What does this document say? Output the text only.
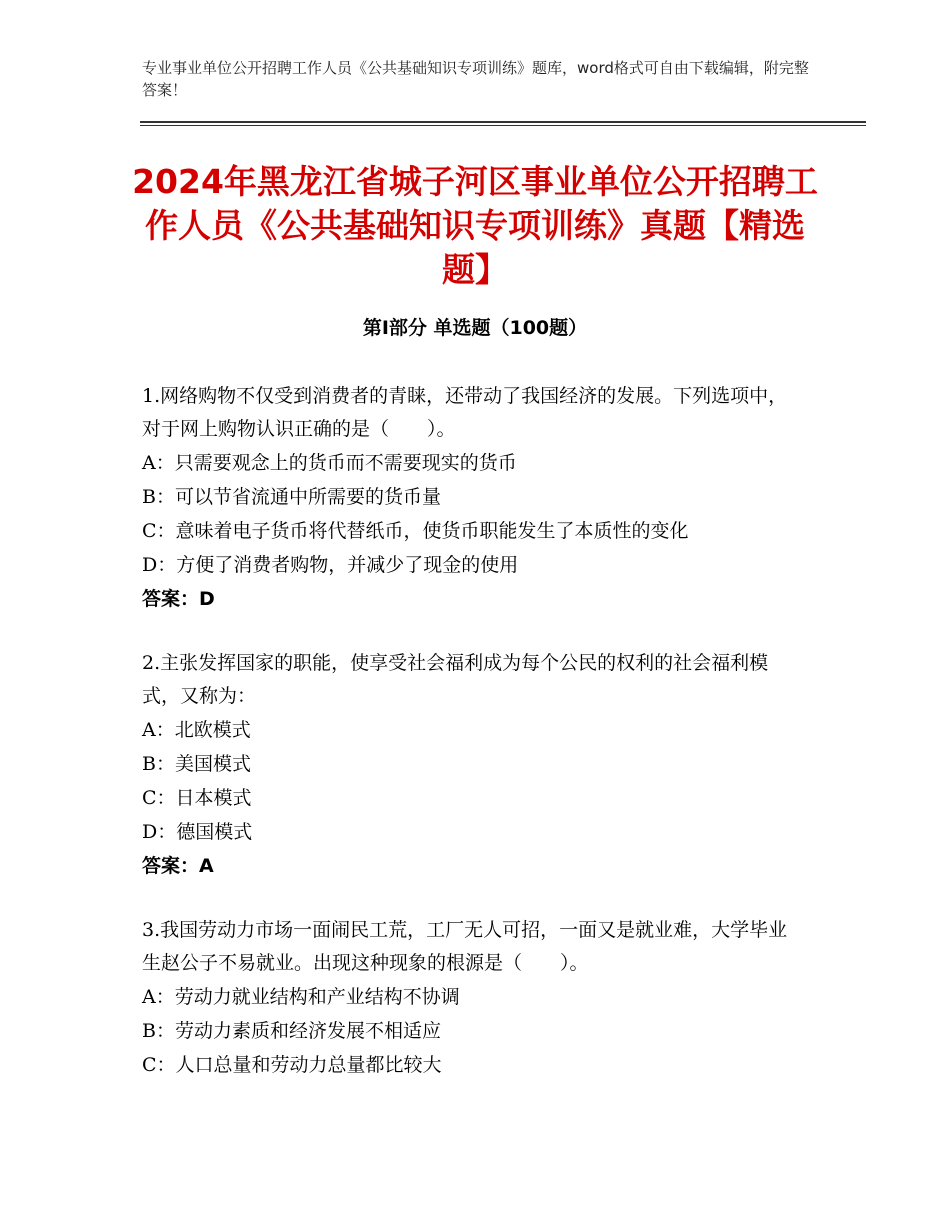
专业事业单位公开招聘工作人员《公共基础知识专项训练》题库，word格式可自由下载编辑，附完整答案！
2024年黑龙江省城子河区事业单位公开招聘工作人员《公共基础知识专项训练》真题【精选题】
第Ⅰ部分 单选题（100题）
1.网络购物不仅受到消费者的青睐，还带动了我国经济的发展。下列选项中，对于网上购物认识正确的是（　　）。
A：只需要观念上的货币而不需要现实的货币
B：可以节省流通中所需要的货币量
C：意味着电子货币将代替纸币，使货币职能发生了本质性的变化
D：方便了消费者购物，并减少了现金的使用
答案：D
2.主张发挥国家的职能，使享受社会福利成为每个公民的权利的社会福利模式，又称为：
A：北欧模式
B：美国模式
C：日本模式
D：德国模式
答案：A
3.我国劳动力市场一面闹民工荒，工厂无人可招，一面又是就业难，大学毕业生赵公子不易就业。出现这种现象的根源是（　　）。
A：劳动力就业结构和产业结构不协调
B：劳动力素质和经济发展不相适应
C：人口总量和劳动力总量都比较大
